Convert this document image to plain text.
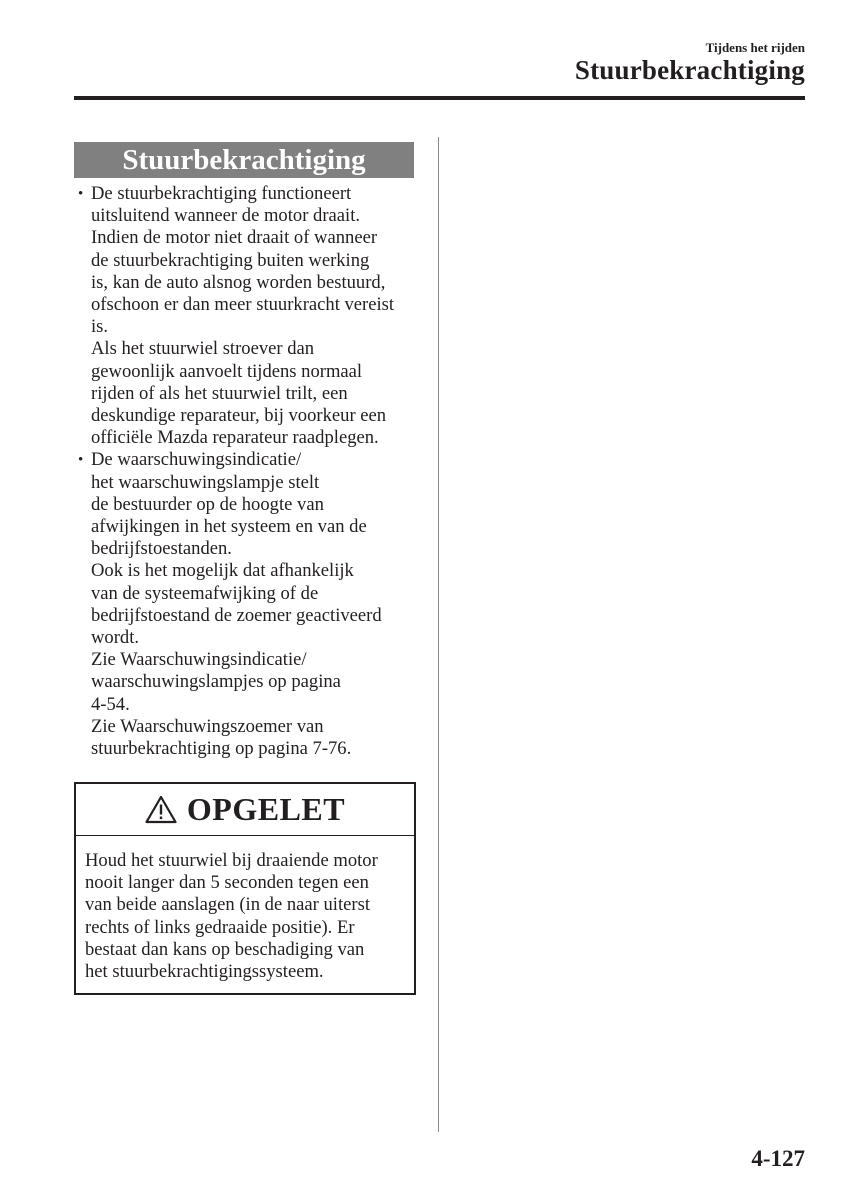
Tijdens het rijden
Stuurbekrachtiging
Stuurbekrachtiging
• De stuurbekrachtiging functioneert
uitsluitend wanneer de motor draait.
Indien de motor niet draait of wanneer
de stuurbekrachtiging buiten werking
is, kan de auto alsnog worden bestuurd,
ofschoon er dan meer stuurkracht vereist
is.

Als het stuurwiel stroever dan
gewoonlijk aanvoelt tijdens normaal
rijden of als het stuurwiel trilt, een
deskundige reparateur, bij voorkeur een
officiële Mazda reparateur raadplegen.

• De waarschuwingsindicatie/
het waarschuwingslampje stelt
de bestuurder op de hoogte van
afwijkingen in het systeem en van de
bedrijfstoestanden.

Ook is het mogelijk dat afhankelijk
van de systeemafwijking of de
bedrijfstoestand de zoemer geactiveerd
wordt.

Zie Waarschuwingsindicatie/
waarschuwingslampjes op pagina
4-54.

Zie Waarschuwingszoemer van
stuurbekrachtiging op pagina 7-76.

OPGELET
Houd het stuurwiel bij draaiende motor
nooit langer dan 5 seconden tegen een
van beide aanslagen (in de naar uiterst
rechts of links gedraaide positie). Er
bestaat dan kans op beschadiging van
het stuurbekrachtigingssysteem.
4-127
